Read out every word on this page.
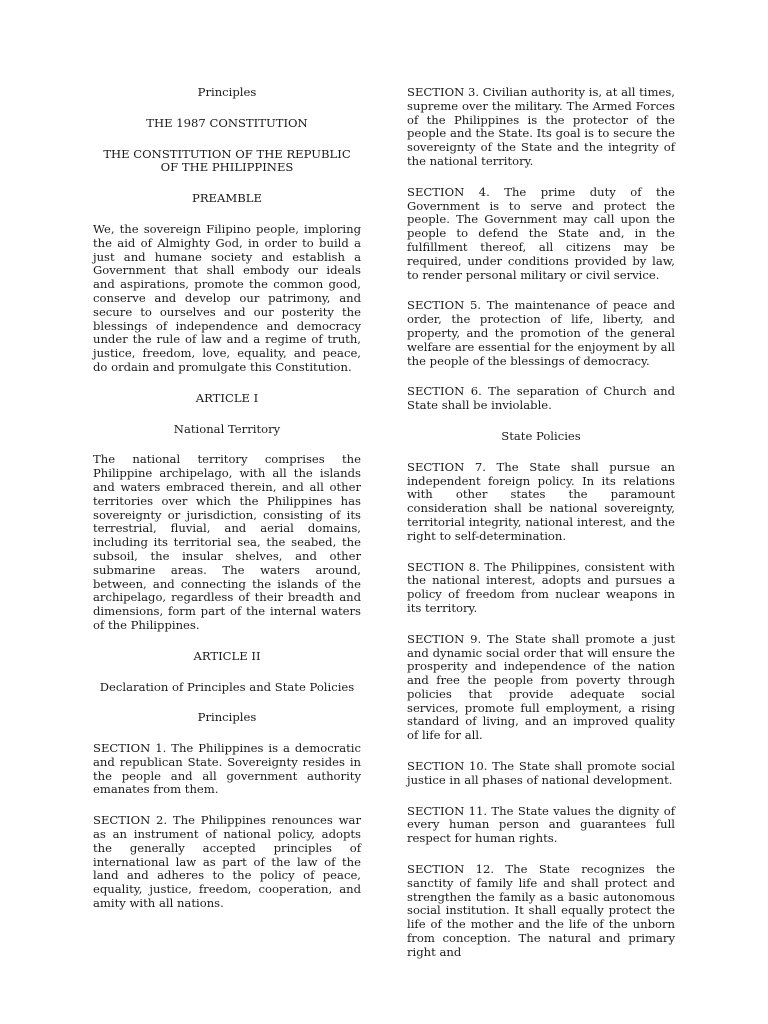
Principles

THE 1987 CONSTITUTION

THE CONSTITUTION OF THE REPUBLIC OF THE PHILIPPINES

PREAMBLE

We, the sovereign Filipino people, imploring the aid of Almighty God, in order to build a just and humane society and establish a Government that shall embody our ideals and aspirations, promote the common good, conserve and develop our patrimony, and secure to ourselves and our posterity the blessings of independence and democracy under the rule of law and a regime of truth, justice, freedom, love, equality, and peace, do ordain and promulgate this Constitution.

ARTICLE I

National Territory

The national territory comprises the Philippine archipelago, with all the islands and waters embraced therein, and all other territories over which the Philippines has sovereignty or jurisdiction, consisting of its terrestrial, fluvial, and aerial domains, including its territorial sea, the seabed, the subsoil, the insular shelves, and other submarine areas. The waters around, between, and connecting the islands of the archipelago, regardless of their breadth and dimensions, form part of the internal waters of the Philippines.

ARTICLE II

Declaration of Principles and State Policies

Principles

SECTION 1. The Philippines is a democratic and republican State. Sovereignty resides in the people and all government authority emanates from them.

SECTION 2. The Philippines renounces war as an instrument of national policy, adopts the generally accepted principles of international law as part of the law of the land and adheres to the policy of peace, equality, justice, freedom, cooperation, and amity with all nations.

SECTION 3. Civilian authority is, at all times, supreme over the military. The Armed Forces of the Philippines is the protector of the people and the State. Its goal is to secure the sovereignty of the State and the integrity of the national territory.

SECTION 4. The prime duty of the Government is to serve and protect the people. The Government may call upon the people to defend the State and, in the fulfillment thereof, all citizens may be required, under conditions provided by law, to render personal military or civil service.

SECTION 5. The maintenance of peace and order, the protection of life, liberty, and property, and the promotion of the general welfare are essential for the enjoyment by all the people of the blessings of democracy.

SECTION 6. The separation of Church and State shall be inviolable.

State Policies

SECTION 7. The State shall pursue an independent foreign policy. In its relations with other states the paramount consideration shall be national sovereignty, territorial integrity, national interest, and the right to self-determination.

SECTION 8. The Philippines, consistent with the national interest, adopts and pursues a policy of freedom from nuclear weapons in its territory.

SECTION 9. The State shall promote a just and dynamic social order that will ensure the prosperity and independence of the nation and free the people from poverty through policies that provide adequate social services, promote full employment, a rising standard of living, and an improved quality of life for all.

SECTION 10. The State shall promote social justice in all phases of national development.

SECTION 11. The State values the dignity of every human person and guarantees full respect for human rights.

SECTION 12. The State recognizes the sanctity of family life and shall protect and strengthen the family as a basic autonomous social institution. It shall equally protect the life of the mother and the life of the unborn from conception. The natural and primary right and
